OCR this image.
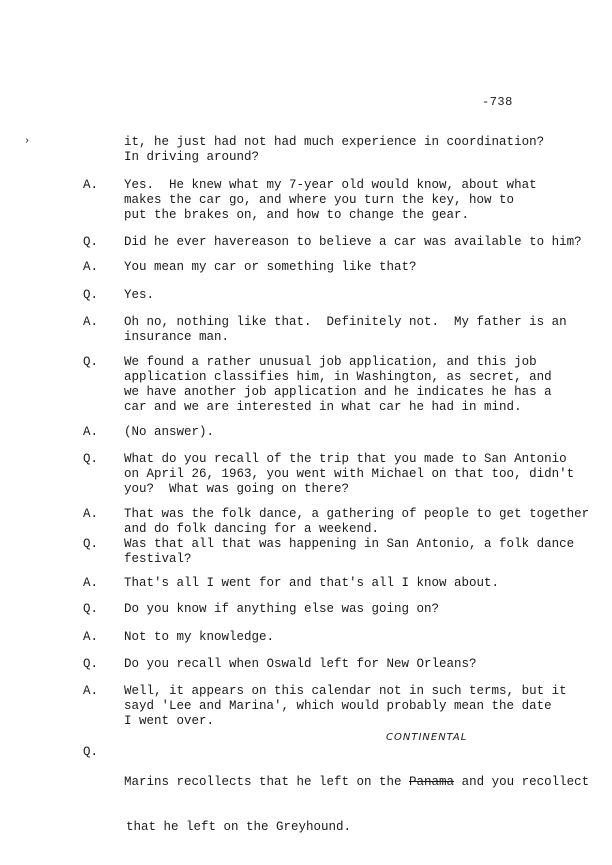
-738
›	it, he just had not had much experience in coordination?
In driving around?
A. Yes.  He knew what my 7-year old would know, about what
makes the car go, and where you turn the key, how to
put the brakes on, and how to change the gear.
Q. Did he ever havereason to believe a car was available to him?
A. You mean my car or something like that?
Q. Yes.
A. Oh no, nothing like that.  Definitely not.  My father is an
insurance man.
Q. We found a rather unusual job application, and this job
application classifies him, in Washington, as secret, and
we have another job application and he indicates he has a
car and we are interested in what car he had in mind.
A. (No answer).
Q. What do you recall of the trip that you made to San Antonio
on April 26, 1963, you went with Michael on that too, didn't
you?  What was going on there?
A. That was the folk dance, a gathering of people to get together
and do folk dancing for a weekend.
Q. Was that all that was happening in San Antonio, a folk dance
festival?
A. That's all I went for and that's all I know about.
Q. Do you know if anything else was going on?
A. Not to my knowledge.
Q. Do you recall when Oswald left for New Orleans?
A. Well, it appears on this calendar not in such terms, but it
sayd 'Lee and Marina', which would probably mean the date
I went over.
CONTINENTAL
Q.

Marins recollects that he left on the Panama and you recollect

that he left on the Greyhound.
